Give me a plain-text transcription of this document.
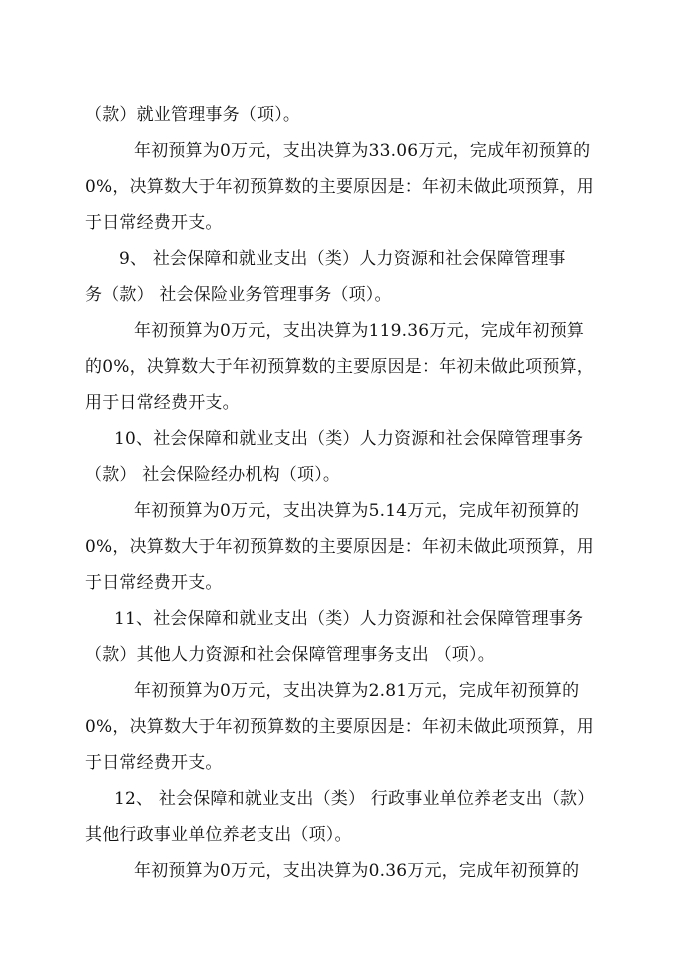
（款）就业管理事务（项）。
年初预算为0万元，支出决算为33.06万元，完成年初预算的
0%，决算数大于年初预算数的主要原因是：年初未做此项预算，用
于日常经费开支。
9、 社会保障和就业支出（类）人力资源和社会保障管理事
务（款） 社会保险业务管理事务（项）。
年初预算为0万元，支出决算为119.36万元，完成年初预算
的0%，决算数大于年初预算数的主要原因是：年初未做此项预算，
用于日常经费开支。
10、社会保障和就业支出（类）人力资源和社会保障管理事务
（款） 社会保险经办机构（项）。
年初预算为0万元，支出决算为5.14万元，完成年初预算的
0%，决算数大于年初预算数的主要原因是：年初未做此项预算，用
于日常经费开支。
11、社会保障和就业支出（类）人力资源和社会保障管理事务
（款）其他人力资源和社会保障管理事务支出 （项）。
年初预算为0万元，支出决算为2.81万元，完成年初预算的
0%，决算数大于年初预算数的主要原因是：年初未做此项预算，用
于日常经费开支。
12、 社会保障和就业支出（类） 行政事业单位养老支出（款）
其他行政事业单位养老支出（项）。
年初预算为0万元，支出决算为0.36万元，完成年初预算的
